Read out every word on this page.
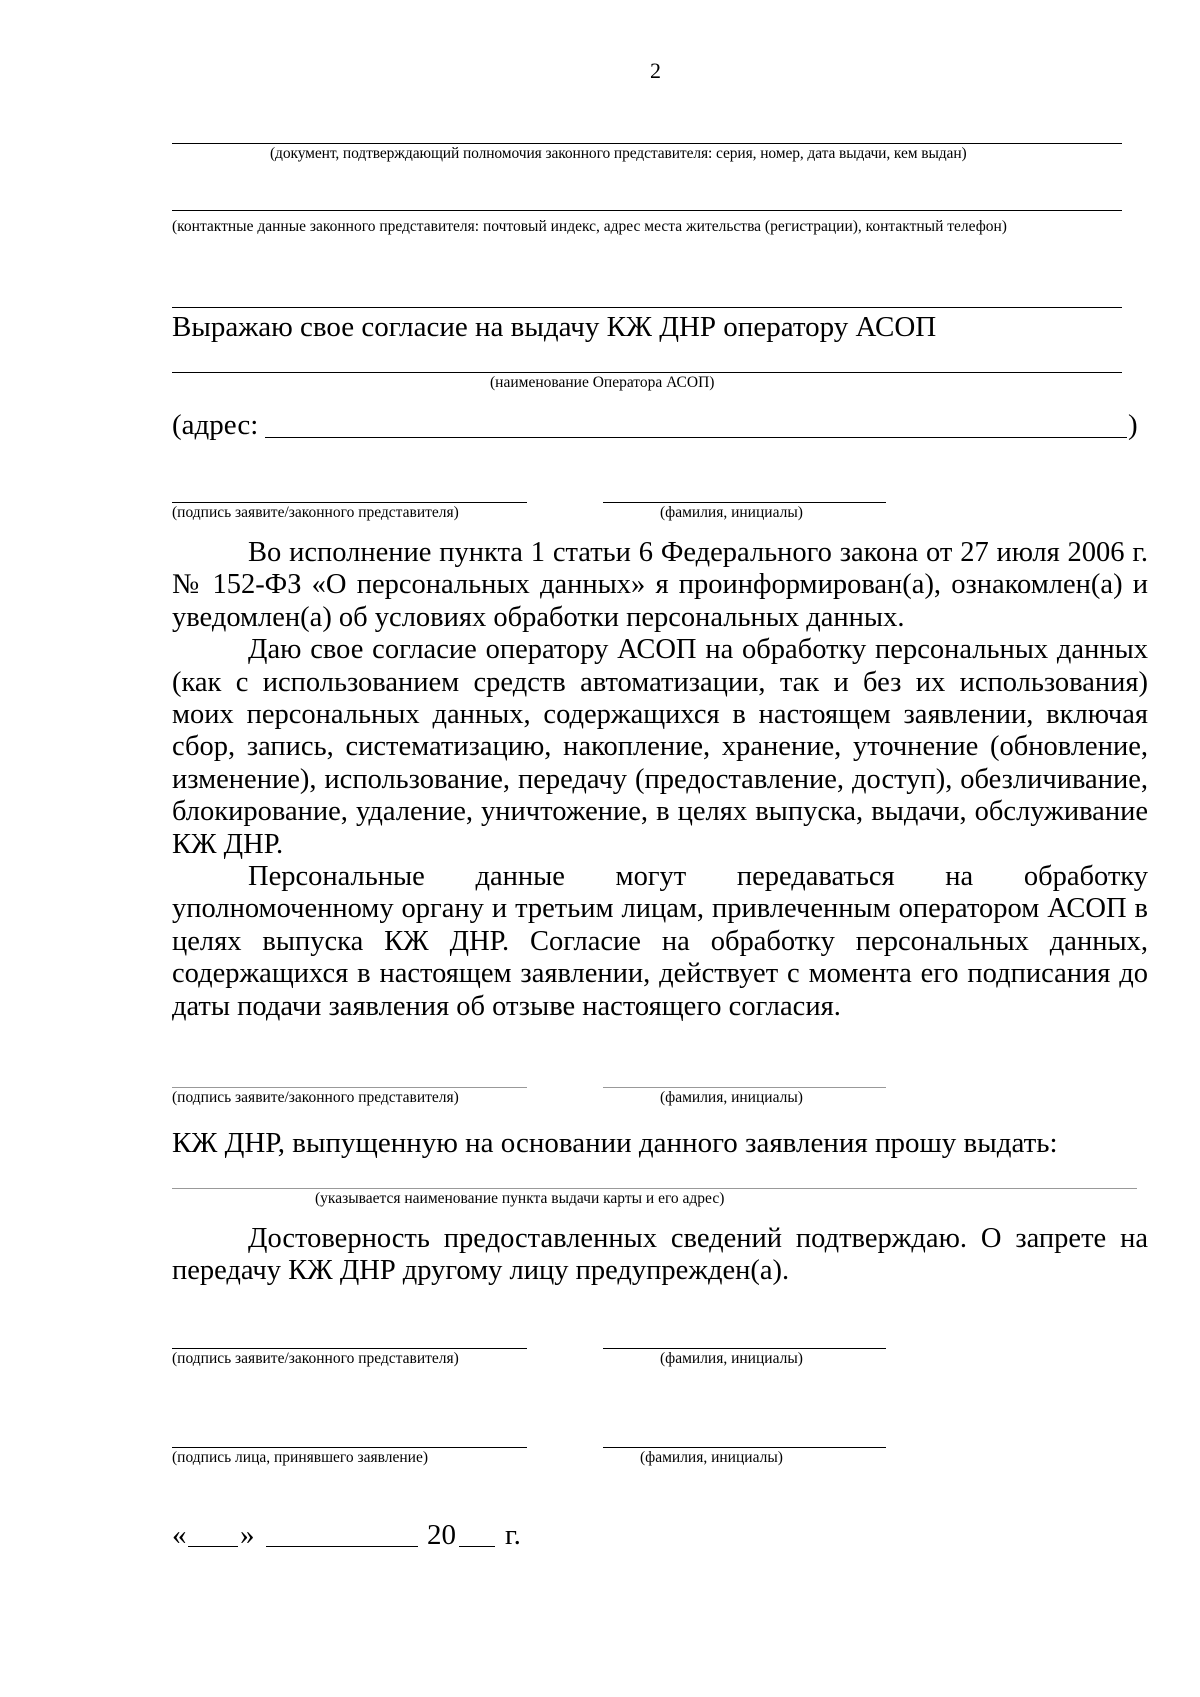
2
(документ, подтверждающий полномочия законного представителя: серия, номер, дата выдачи, кем выдан)
(контактные данные законного представителя: почтовый индекс, адрес места жительства (регистрации), контактный телефон)
Выражаю свое согласие на выдачу КЖ ДНР оператору АСОП
(наименование Оператора АСОП)
(адрес:	)
(подпись заявите/законного представителя)	(фамилия, инициалы)

Во исполнение пункта 1 статьи 6 Федерального закона от 27 июля 2006 г. № 152-ФЗ «О персональных данных» я проинформирован(а), ознакомлен(а) и уведомлен(а) об условиях обработки персональных данных.

Даю свое согласие оператору АСОП на обработку персональных данных (как с использованием средств автоматизации, так и без их использования) моих персональных данных, содержащихся в настоящем заявлении, включая сбор, запись, систематизацию, накопление, хранение, уточнение (обновление, изменение), использование, передачу (предоставление, доступ), обезличивание, блокирование, удаление, уничтожение, в целях выпуска, выдачи, обслуживание КЖ ДНР.

Персональные данные могут передаваться на обработку уполномоченному органу и третьим лицам, привлеченным оператором АСОП в целях выпуска КЖ ДНР. Согласие на обработку персональных данных, содержащихся в настоящем заявлении, действует с момента его подписания до даты подачи заявления об отзыве настоящего согласия.

(подпись заявите/законного представителя)	(фамилия, инициалы)
КЖ ДНР, выпущенную на основании данного заявления прошу выдать:
(указывается наименование пункта выдачи карты и его адрес)

Достоверность предоставленных сведений подтверждаю. О запрете на передачу КЖ ДНР другому лицу предупрежден(а).

(подпись заявите/законного представителя)	(фамилия, инициалы)
(подпись лица, принявшего заявление)	(фамилия, инициалы)
« »	20 г.
